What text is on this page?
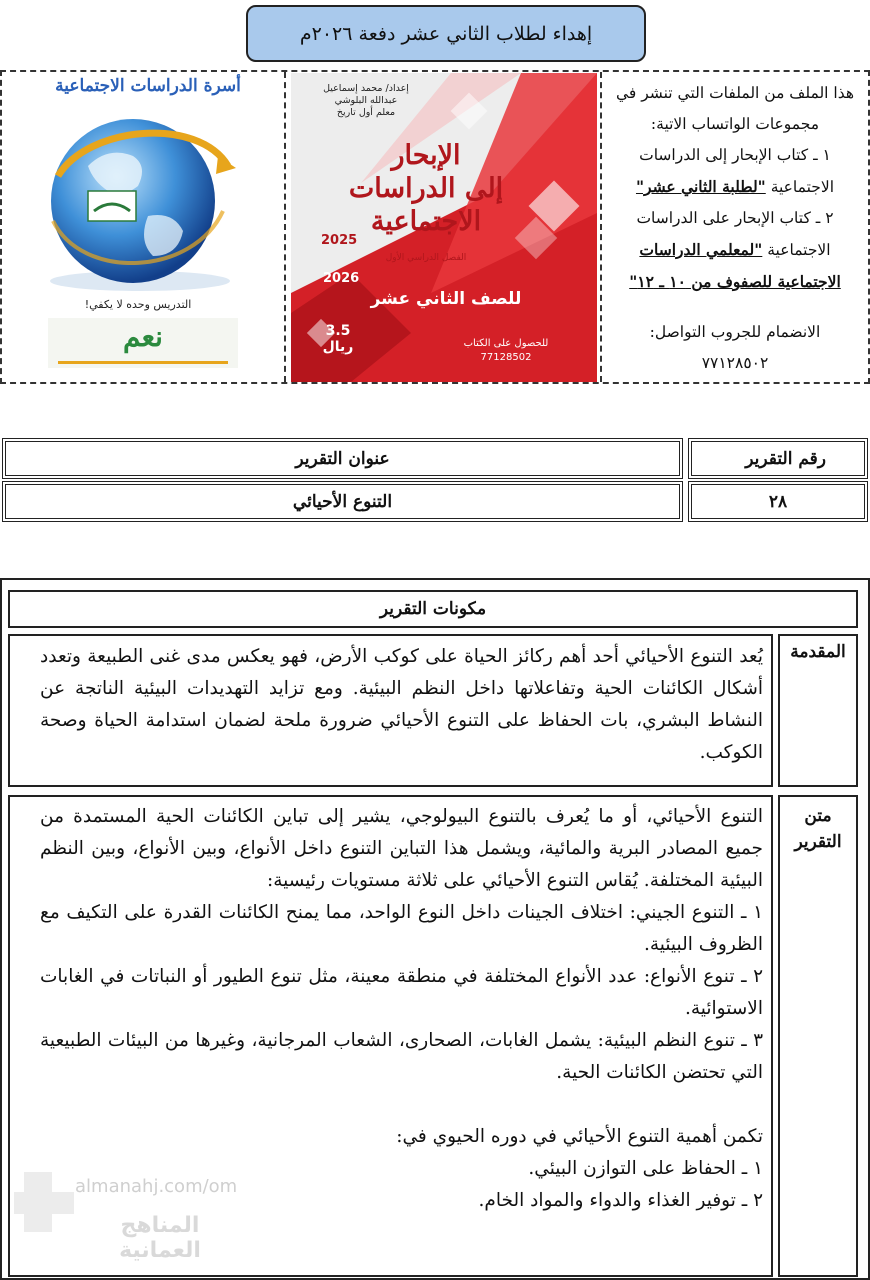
إهداء لطلاب الثاني عشر دفعة ٢٠٢٦م

هذا الملف من الملفات التي تنشر في

مجموعات الواتساب الاتية:

١ ـ كتاب الإبحار إلى الدراسات

الاجتماعية "لطلبة الثاني عشر"

٢ ـ كتاب الإبحار على الدراسات

الاجتماعية "لمعلمي الدراسات

الاجتماعية للصفوف من ١٠ ـ ١٢"

الانضمام للجروب التواصل:

٧٧١٢٨٥٠٢

إعداد/ محمد إسماعيل
عبدالله البلوشي
معلم أول تاريخ
الإبحار
إلى الدراسات
الاجتماعية
2025
الفصل الدراسي الأول
2026
للصف الثاني عشر
3.5
ريال	للحصول على الكتاب
77128502
أسرة الدراسات الاجتماعية
التدريس وحده لا يكفي!
نعم
عنوان التقرير	رقم التقرير
التنوع الأحيائي	٢٨
مكونات التقرير
المقدمة

يُعد التنوع الأحيائي أحد أهم ركائز الحياة على كوكب الأرض، فهو يعكس مدى غنى الطبيعة وتعدد أشكال الكائنات الحية وتفاعلاتها داخل النظم البيئية. ومع تزايد التهديدات البيئية الناتجة عن النشاط البشري، بات الحفاظ على التنوع الأحيائي ضرورة ملحة لضمان استدامة الحياة وصحة الكوكب.

متن
التقرير

التنوع الأحيائي، أو ما يُعرف بالتنوع البيولوجي، يشير إلى تباين الكائنات الحية المستمدة من جميع المصادر البرية والمائية، ويشمل هذا التباين التنوع داخل الأنواع، وبين الأنواع، وبين النظم البيئية المختلفة. يُقاس التنوع الأحيائي على ثلاثة مستويات رئيسية:

١ ـ التنوع الجيني: اختلاف الجينات داخل النوع الواحد، مما يمنح الكائنات القدرة على التكيف مع الظروف البيئية.

٢ ـ تنوع الأنواع: عدد الأنواع المختلفة في منطقة معينة، مثل تنوع الطيور أو النباتات في الغابات الاستوائية.

٣ ـ تنوع النظم البيئية: يشمل الغابات، الصحارى، الشعاب المرجانية، وغيرها من البيئات الطبيعية التي تحتضن الكائنات الحية.

تكمن أهمية التنوع الأحيائي في دوره الحيوي في:

١ ـ الحفاظ على التوازن البيئي.

٢ ـ توفير الغذاء والدواء والمواد الخام.

almanahj.com/om
المناهج العمانية
